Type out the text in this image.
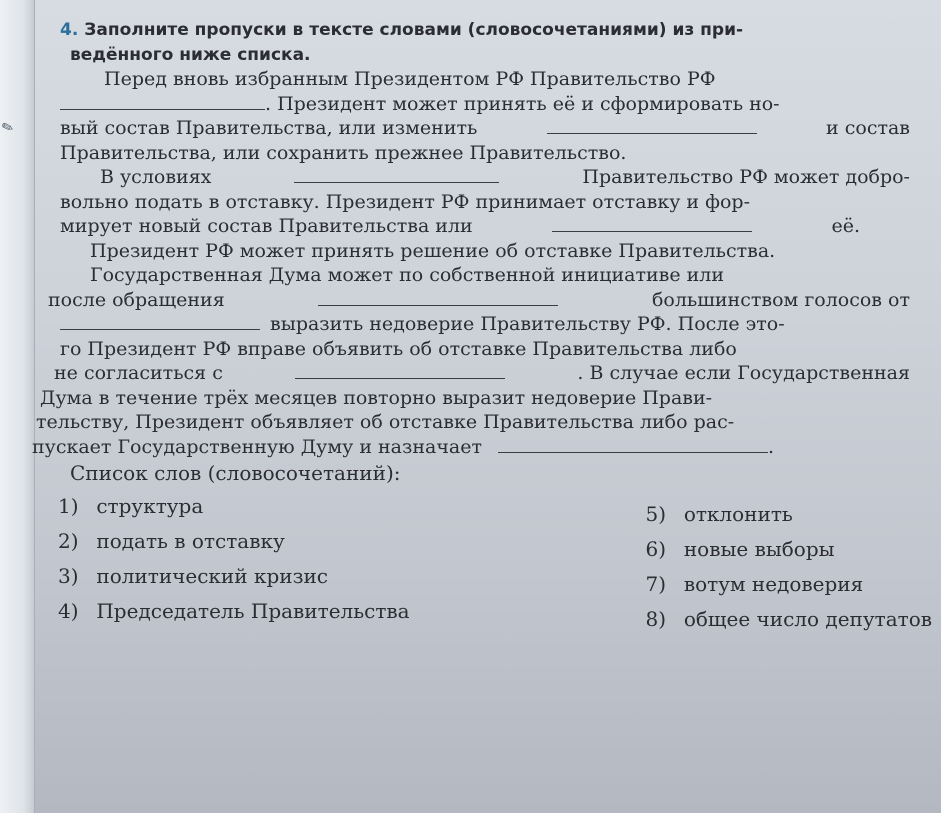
✎
4. Заполните пропуски в тексте словами (словосочетаниями) из при-
ведённого ниже списка.
Перед вновь избранным Президентом РФ Правительство РФ
. Президент может принять её и сформировать но-
вый состав Правительства, или изменить	и состав
Правительства, или сохранить прежнее Правительство.
В условиях	Правительство РФ может добро-
вольно подать в отставку. Президент РФ принимает отставку и фор-
мирует новый состав Правительства или	её.
Президент РФ может принять решение об отставке Правительства.
Государственная Дума может по собственной инициативе или
после обращения	большинством голосов от
выразить недоверие Правительству РФ. После это-
го Президент РФ вправе объявить об отставке Правительства либо
не согласиться с	. В случае если Государственная
Дума в течение трёх месяцев повторно выразит недоверие Прави-
тельству, Президент объявляет об отставке Правительства либо рас-
пускает Государственную Думу и назначает	.
Список слов (словосочетаний):
1) структура
2) подать в отставку
3) политический кризис
4) Председатель Правительства
5) отклонить
6) новые выборы
7) вотум недоверия
8) общее число депутатов
